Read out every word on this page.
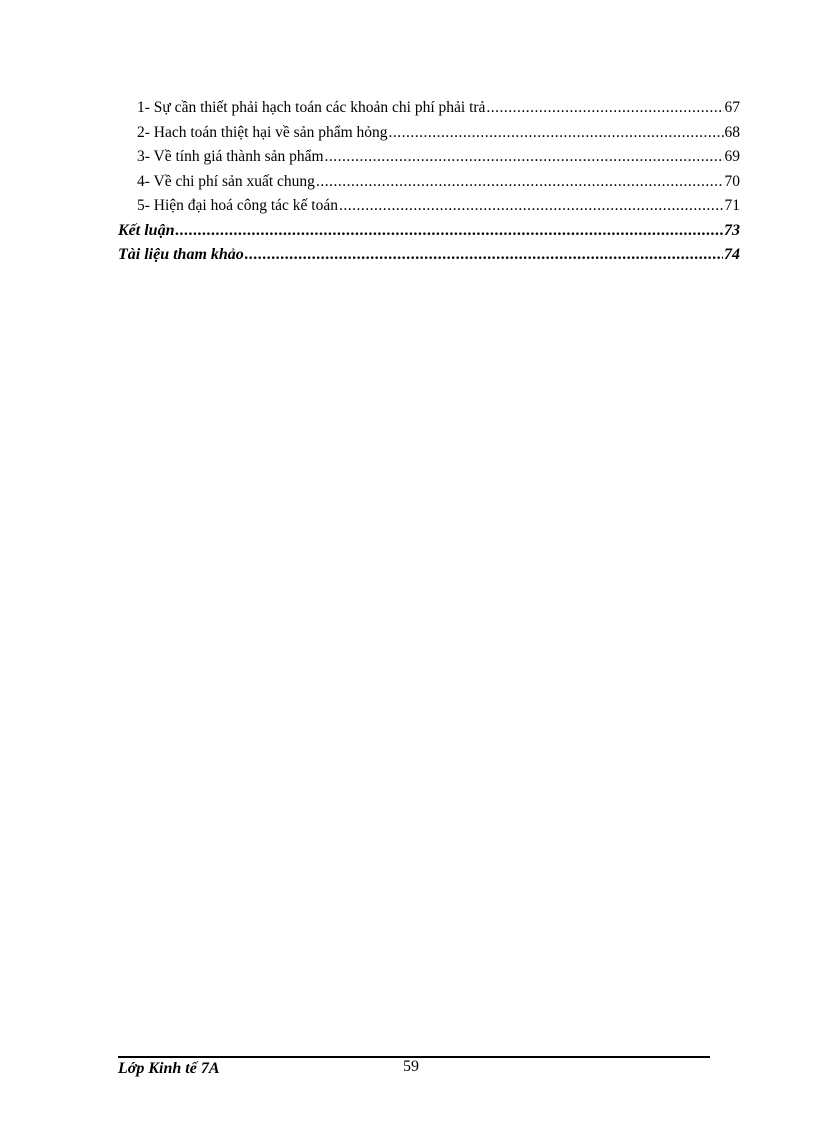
1- Sự cần thiết phải hạch toán các khoản chi phí phải trả .....	67
2- Hach toán thiệt hại về sản phẩm hỏng .....	68
3- Về tính giá thành sản phẩm .....	69
4- Về chi phí sản xuất chung .....	70
5- Hiện đại hoá công tác kế toán .....	71
Kết luận .....	73
Tài liệu tham khảo .....	74
Lớp Kinh tế 7A	59
